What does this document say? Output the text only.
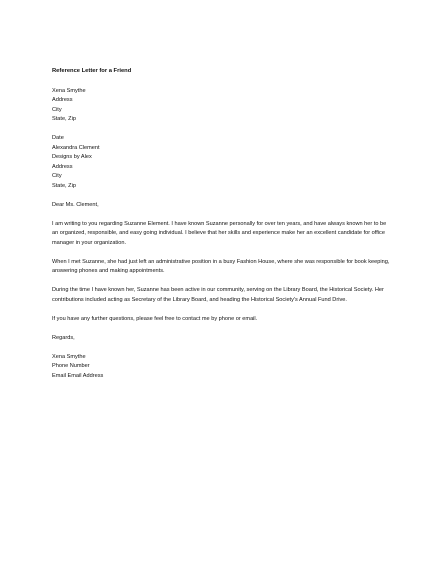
Reference Letter for a Friend
Xena Smythe
Address
City
State, Zip
Date
Alexandra Clement
Designs by Alex
Address
City
State, Zip
Dear Ms. Clement,
I am writing to you regarding Suzanne Element. I have known Suzanne personally for over ten years, and have always known her to be an organized, responsible, and easy going individual. I believe that her skills and experience make her an excellent candidate for office manager in your organization.
When I met Suzanne, she had just left an administrative position in a busy Fashion House, where she was responsible for book keeping, answering phones and making appointments.
During the time I have known her, Suzanne has been active in our community, serving on the Library Board, the Historical Society. Her contributions included acting as Secretary of the Library Board, and heading the Historical Society's Annual Fund Drive.
If you have any further questions, please feel free to contact me by phone or email.
Regards,
Xena Smythe
Phone Number
Email Email Address
